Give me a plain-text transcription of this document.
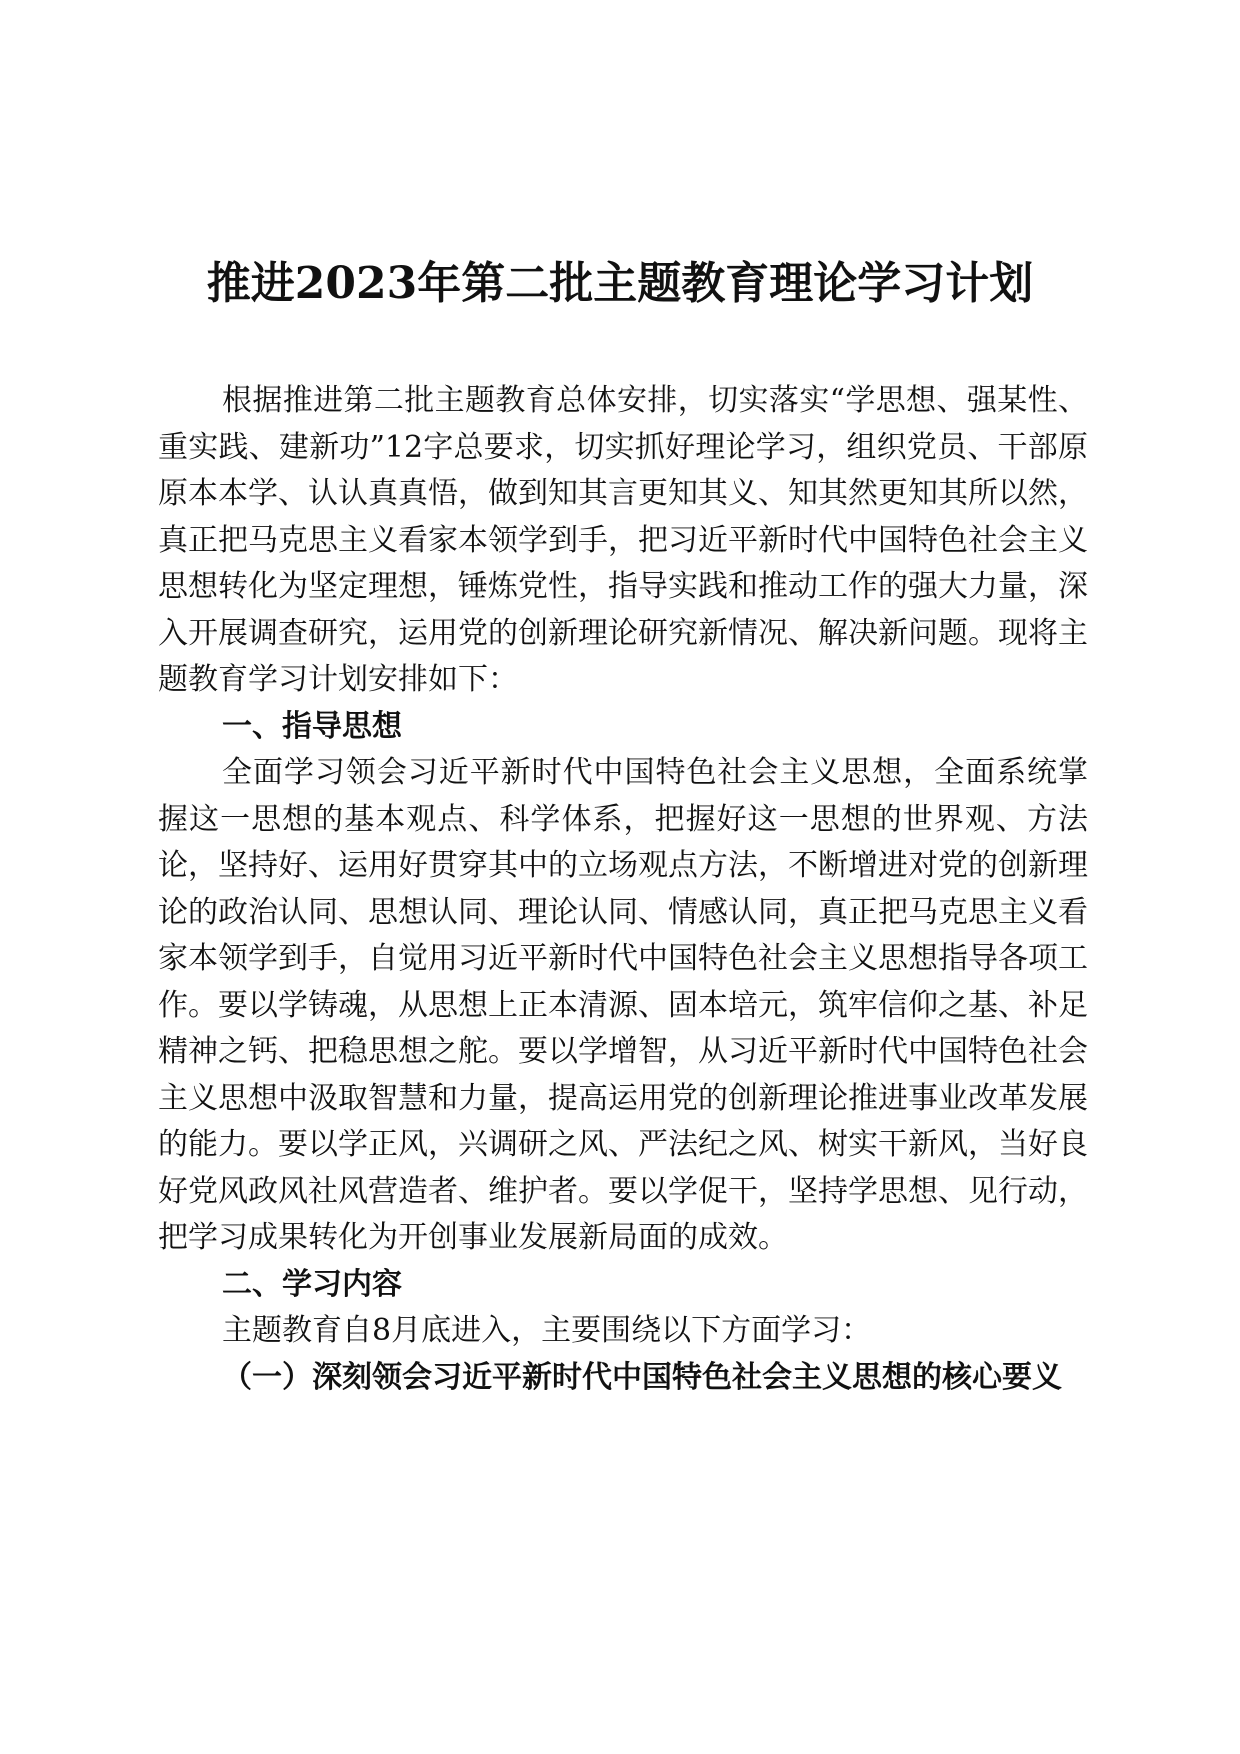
推进2023年第二批主题教育理论学习计划

根据推进第二批主题教育总体安排，切实落实“学思想、强某性、重实践、建新功”12字总要求，切实抓好理论学习，组织党员、干部原原本本学、认认真真悟，做到知其言更知其义、知其然更知其所以然，真正把马克思主义看家本领学到手，把习近平新时代中国特色社会主义思想转化为坚定理想，锤炼党性，指导实践和推动工作的强大力量，深入开展调查研究，运用党的创新理论研究新情况、解决新问题。现将主题教育学习计划安排如下：

一、指导思想

全面学习领会习近平新时代中国特色社会主义思想，全面系统掌握这一思想的基本观点、科学体系，把握好这一思想的世界观、方法论，坚持好、运用好贯穿其中的立场观点方法，不断增进对党的创新理论的政治认同、思想认同、理论认同、情感认同，真正把马克思主义看家本领学到手，自觉用习近平新时代中国特色社会主义思想指导各项工作。要以学铸魂，从思想上正本清源、固本培元，筑牢信仰之基、补足精神之钙、把稳思想之舵。要以学增智，从习近平新时代中国特色社会主义思想中汲取智慧和力量，提高运用党的创新理论推进事业改革发展的能力。要以学正风，兴调研之风、严法纪之风、树实干新风，当好良好党风政风社风营造者、维护者。要以学促干，坚持学思想、见行动，把学习成果转化为开创事业发展新局面的成效。

二、学习内容

主题教育自8月底进入，主要围绕以下方面学习：

（一）深刻领会习近平新时代中国特色社会主义思想的核心要义
